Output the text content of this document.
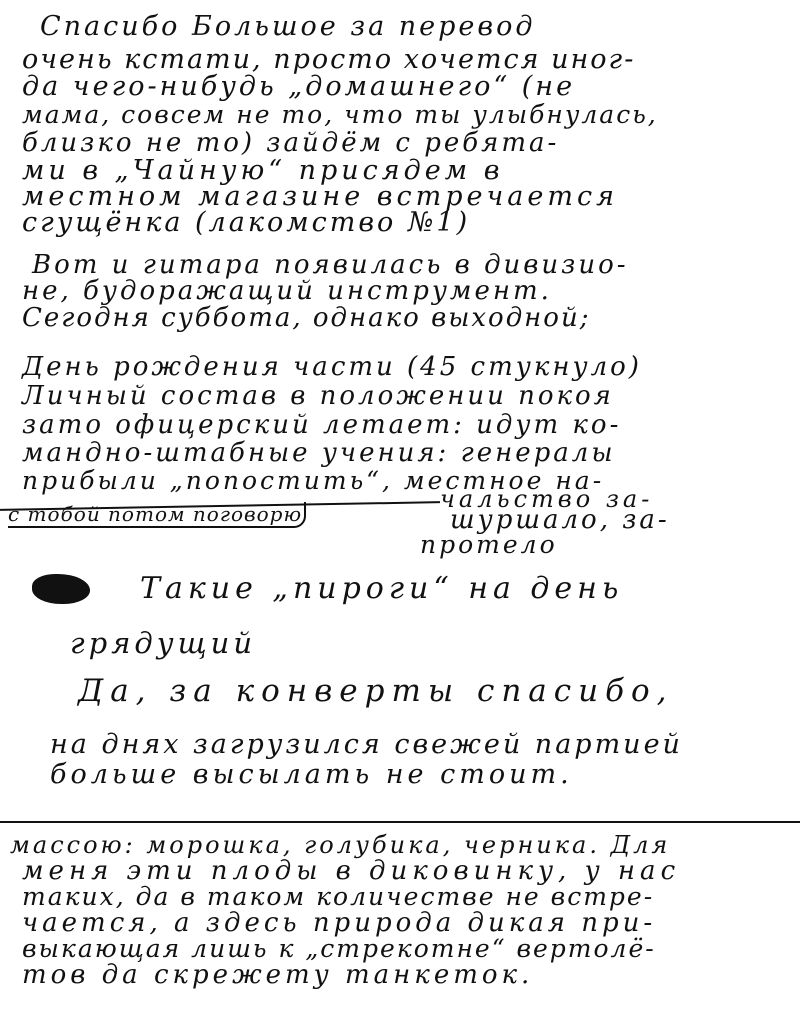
Спасибо Большое за перевод
очень кстати, просто хочется иног-
да чего-нибудь „домашнего“ (не
мама, совсем не то, что ты улыбнулась,
близко не то) зайдём с ребята-
ми в „Чайную“ присядем в
местном магазине встречается
сгущёнка (лакомство №1)
Вот и гитара появилась в дивизио-
не, будоражащий инструмент.
Сегодня суббота, однако выходной;
День рождения части (45 стукнуло)
Личный состав в положении покоя
зато офицерский летает: идут ко-
мандно-штабные учения: генералы
прибыли „попостить“, местное на-
чальство за-
с тобой потом поговорю	шуршало, за-
протело
Такие „пироги“ на день
грядущий
Да, за конверты спасибо,
на днях загрузился свежей партией
больше высылать не стоит.
массою: морошка, голубика, черника. Для
меня эти плоды в диковинку, у нас
таких, да в таком количестве не встре-
чается, а здесь природа дикая при-
выкающая лишь к „стрекотне“ вертолё-
тов да скрежету танкеток.
